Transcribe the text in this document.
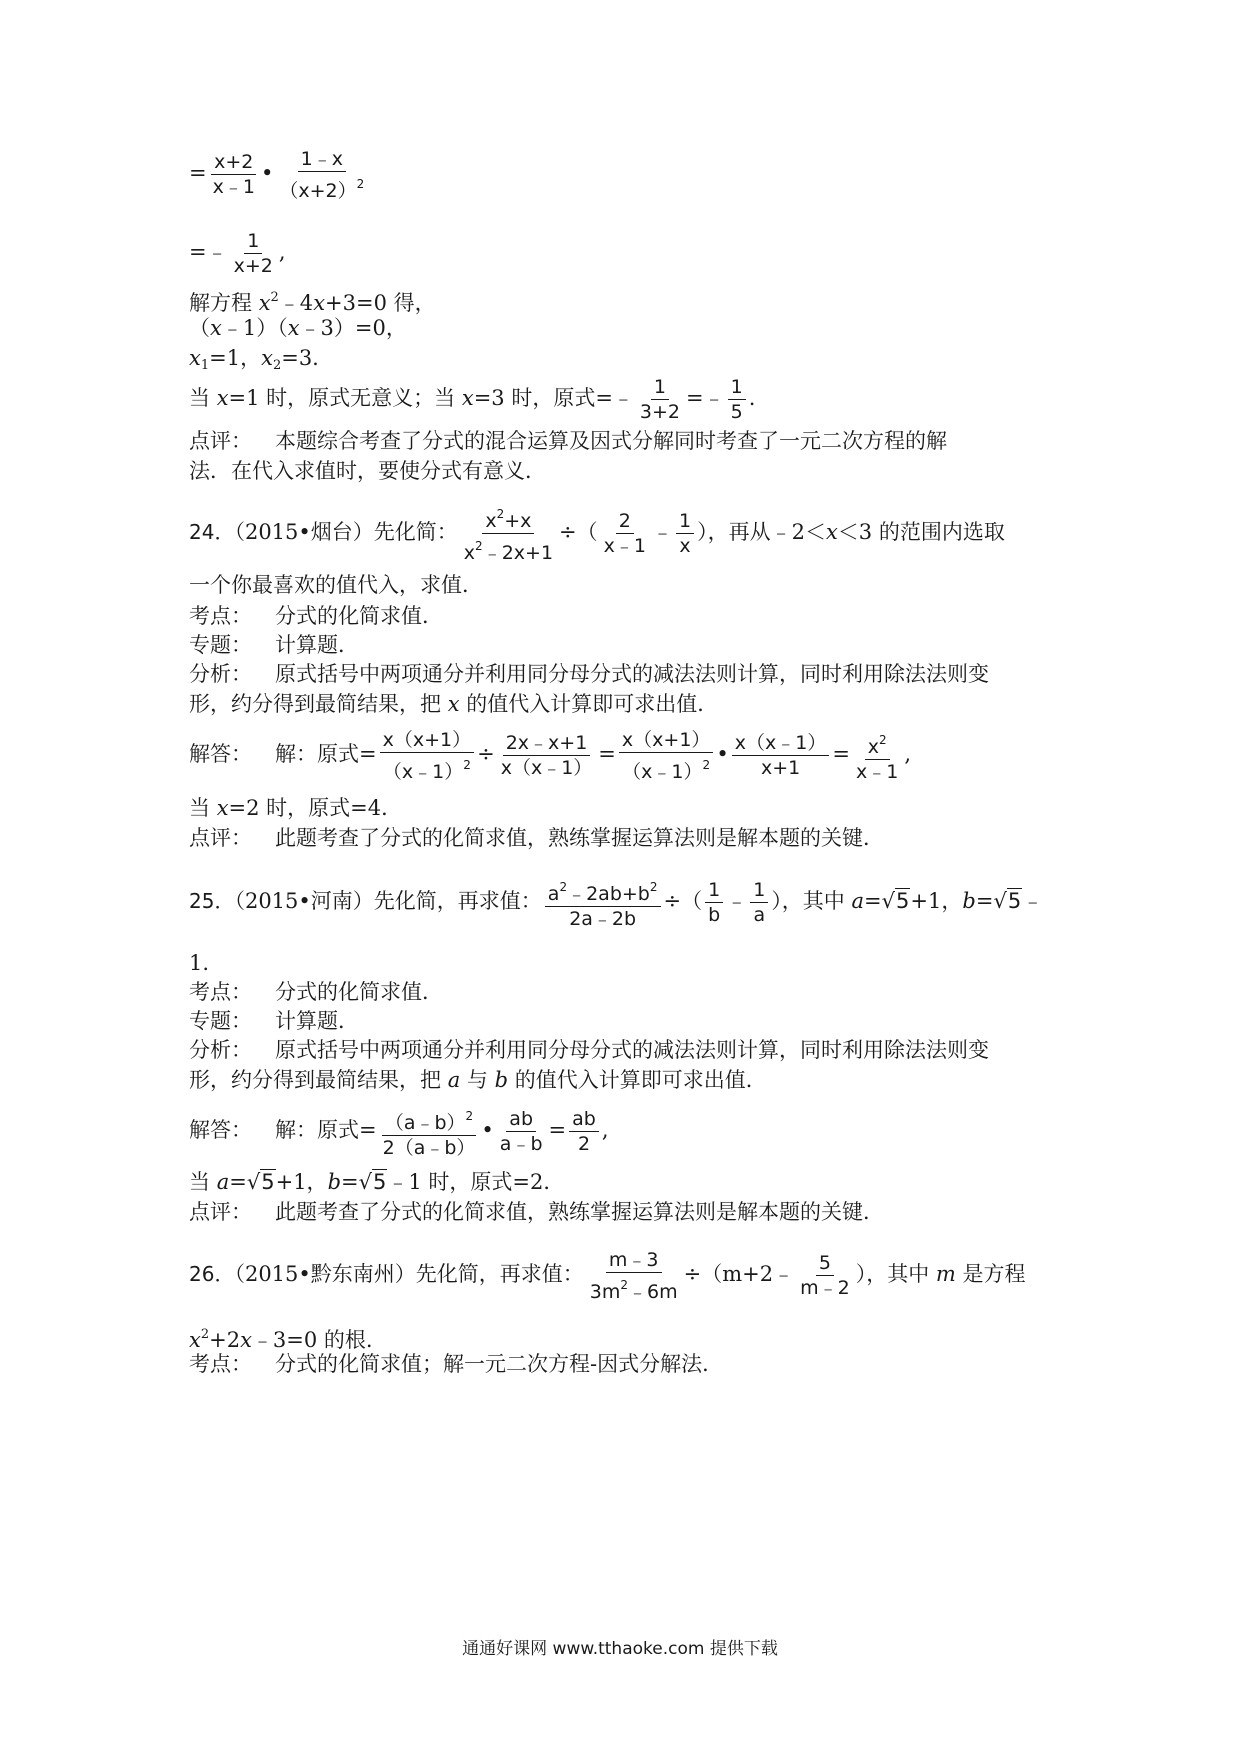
= $\frac{x+2}{x﹣1}$ • $\frac{1﹣x}{(x+2)^2}$
=﹣ $\frac{1}{x+2}$ ,
解方程 $x^2﹣4x+3=0$ 得，
（x﹣1）（x﹣3）=0，
$x_1=1$，$x_2=3$.
当 x=1 时，原式无意义；当 x=3 时，原式=﹣ $\frac{1}{3+2}$ =﹣ $\frac{1}{5}$ .
点评： 本题综合考查了分式的混合运算及因式分解同时考查了一元二次方程的解
法．在代入求值时，要使分式有意义．
24．（2015•烟台）先化简： $\frac{x^2+x}{x^2﹣2x+1}$ ÷（ $\frac{2}{x﹣1}$ ﹣ $\frac{1}{x}$ ），再从﹣2＜x＜3 的范围内选取
一个你最喜欢的值代入，求值．
考点： 分式的化简求值．
专题： 计算题．
分析： 原式括号中两项通分并利用同分母分式的减法法则计算，同时利用除法法则变
形，约分得到最简结果，把 x 的值代入计算即可求出值．
解答： 解：原式= $\frac{x(x+1)}{(x﹣1)^2} \div \frac{2x﹣x+1}{x(x﹣1)} = \frac{x(x+1)}{(x﹣1)^2}$ • $\frac{x(x﹣1)}{x+1} = \frac{x^2}{x﹣1}$ ,
当 x=2 时，原式=4．
点评： 此题考查了分式的化简求值，熟练掌握运算法则是解本题的关键．
25．（2015•河南）先化简，再求值： $\frac{a^2﹣2ab+b^2}{2a﹣2b}$ ÷（ $\frac{1}{b}$ ﹣ $\frac{1}{a}$ ），其中 a=√5+1，b=√5﹣
1.
考点： 分式的化简求值．
专题： 计算题．
分析： 原式括号中两项通分并利用同分母分式的减法法则计算，同时利用除法法则变
形，约分得到最简结果，把 a 与 b 的值代入计算即可求出值．
解答： 解：原式= $\frac{(a﹣b)^2}{2(a﹣b)}$ • $\frac{ab}{a﹣b} = \frac{ab}{2}$ ,
当 a=√5+1，b=√5﹣1 时，原式=2．
点评： 此题考查了分式的化简求值，熟练掌握运算法则是解本题的关键．
26．（2015•黔东南州）先化简，再求值： $\frac{m﹣3}{3m^2﹣6m}$ ÷（m+2﹣ $\frac{5}{m﹣2}$ ），其中 m 是方程
$x^2+2x﹣3=0$ 的根.
考点： 分式的化简求值；解一元二次方程-因式分解法．
通通好课网 www.tthaoke.com 提供下载
